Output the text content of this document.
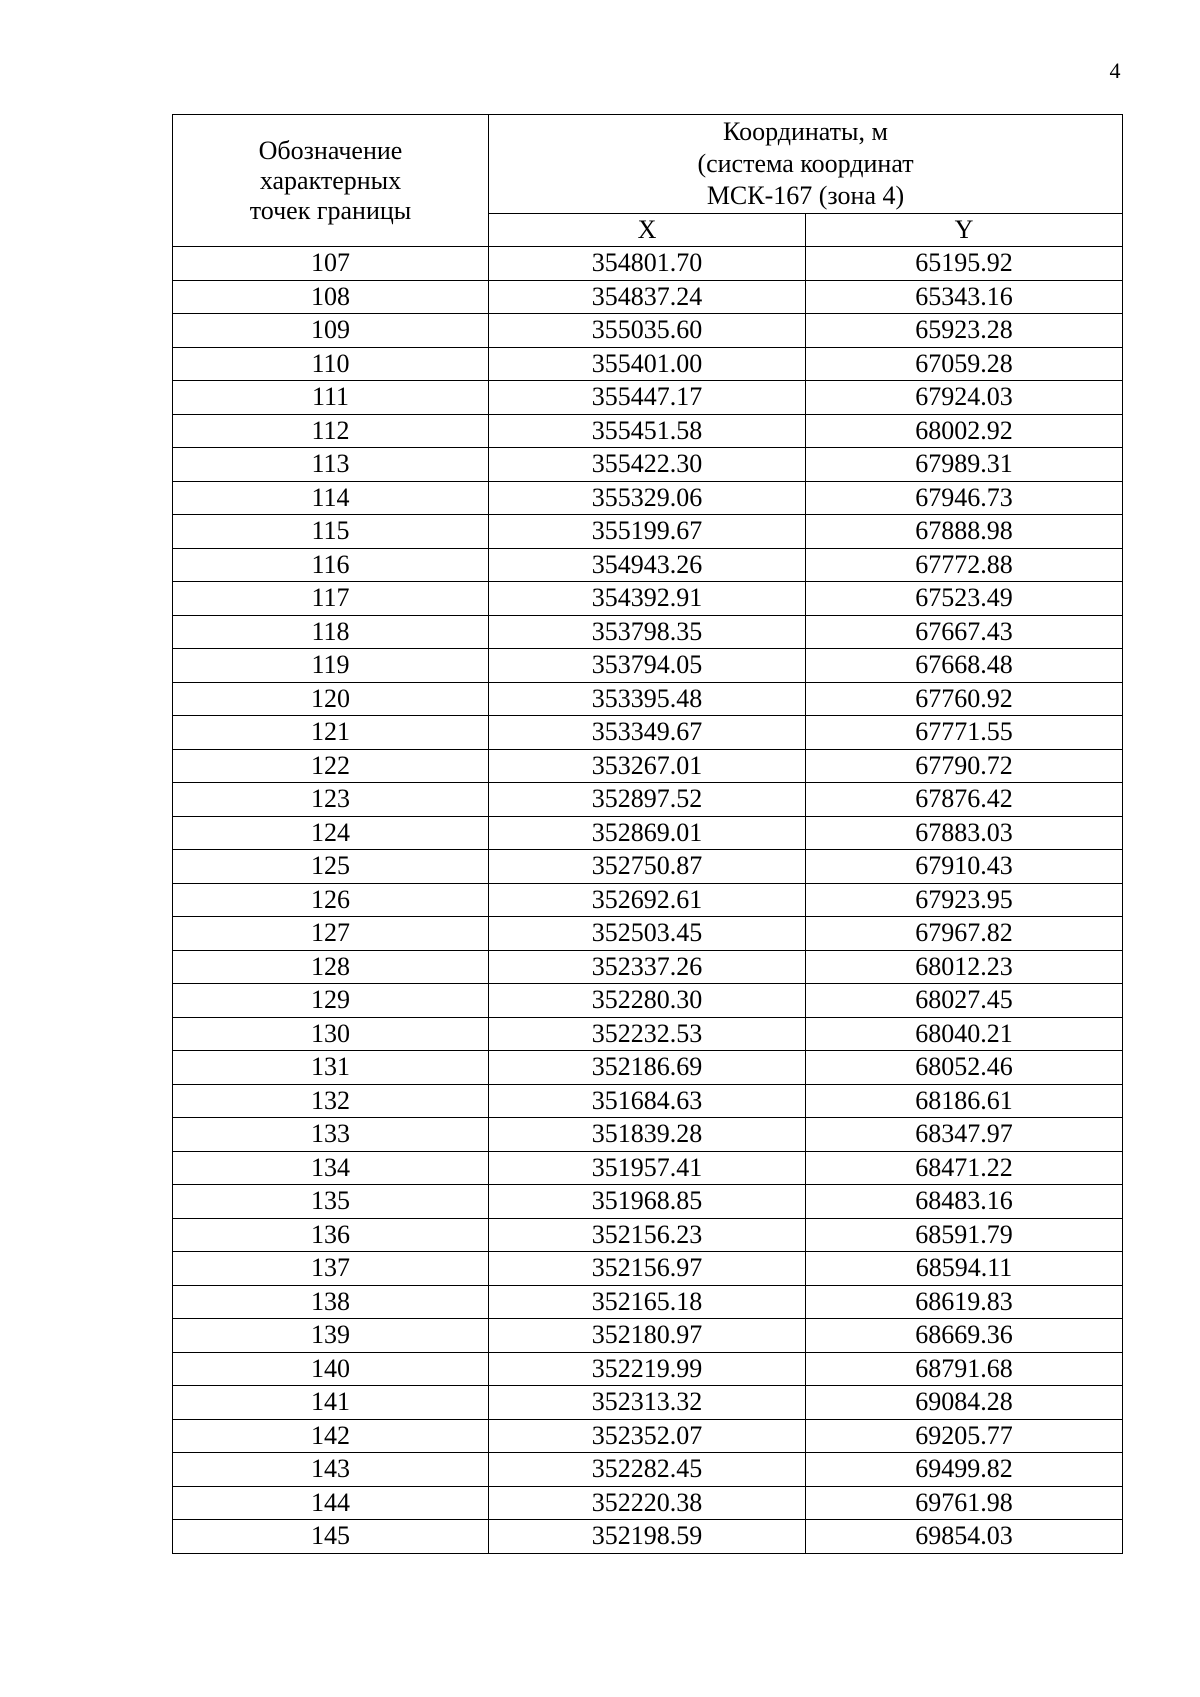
4
Обозначение
характерных
точек границы	Координаты, м
(система координат
МСК-167 (зона 4)	

	X	Y
107	354801.70	65195.92
108	354837.24	65343.16
109	355035.60	65923.28
110	355401.00	67059.28
111	355447.17	67924.03
112	355451.58	68002.92
113	355422.30	67989.31
114	355329.06	67946.73
115	355199.67	67888.98
116	354943.26	67772.88
117	354392.91	67523.49
118	353798.35	67667.43
119	353794.05	67668.48
120	353395.48	67760.92
121	353349.67	67771.55
122	353267.01	67790.72
123	352897.52	67876.42
124	352869.01	67883.03
125	352750.87	67910.43
126	352692.61	67923.95
127	352503.45	67967.82
128	352337.26	68012.23
129	352280.30	68027.45
130	352232.53	68040.21
131	352186.69	68052.46
132	351684.63	68186.61
133	351839.28	68347.97
134	351957.41	68471.22
135	351968.85	68483.16
136	352156.23	68591.79
137	352156.97	68594.11
138	352165.18	68619.83
139	352180.97	68669.36
140	352219.99	68791.68
141	352313.32	69084.28
142	352352.07	69205.77
143	352282.45	69499.82
144	352220.38	69761.98
145	352198.59	69854.03
